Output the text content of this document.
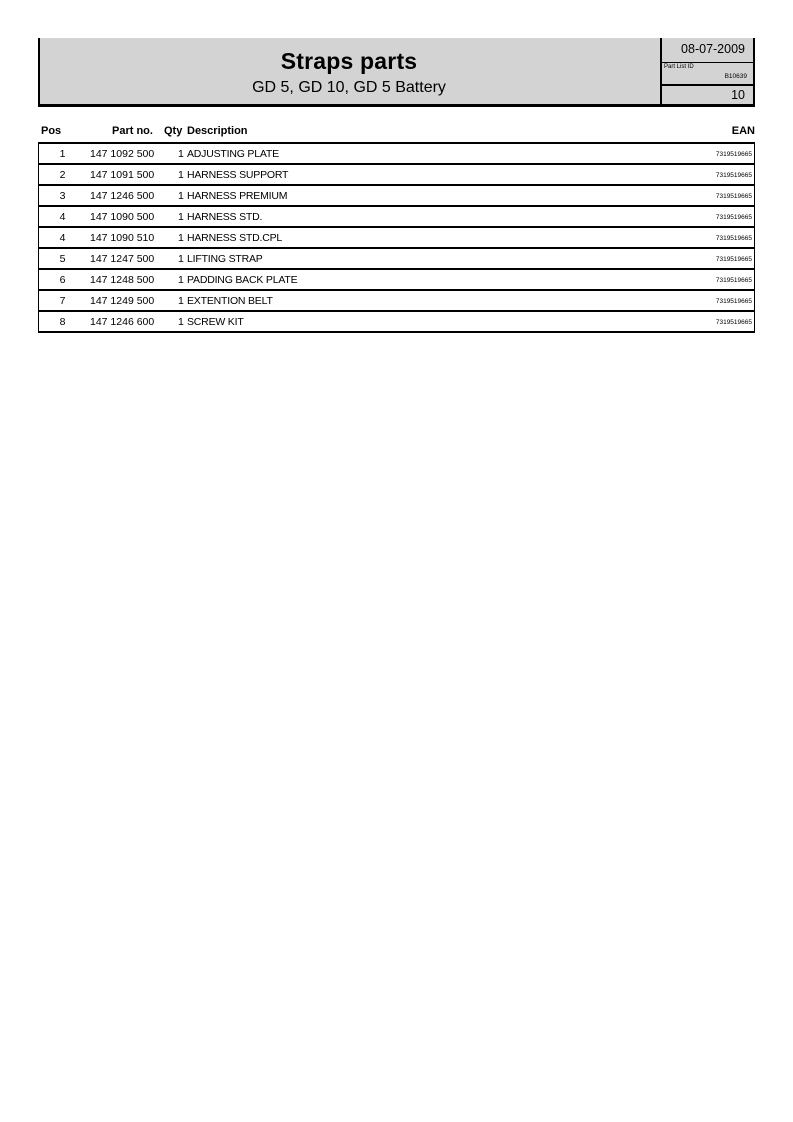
Straps parts
GD 5, GD 10, GD 5 Battery
08-07-2009
Part List ID
B10639
10
Pos	Part no. Qty Description	EAN
1	147 1092 500 1 ADJUSTING PLATE	7319519665
2	147 1091 500 1 HARNESS SUPPORT	7319519665
3	147 1246 500 1 HARNESS PREMIUM	7319519665
4	147 1090 500 1 HARNESS STD.	7319519665
4	147 1090 510 1 HARNESS STD.CPL	7319519665
5	147 1247 500 1 LIFTING STRAP	7319519665
6	147 1248 500 1 PADDING BACK PLATE	7319519665
7	147 1249 500 1 EXTENTION BELT	7319519665
8	147 1246 600 1 SCREW KIT	7319519665
